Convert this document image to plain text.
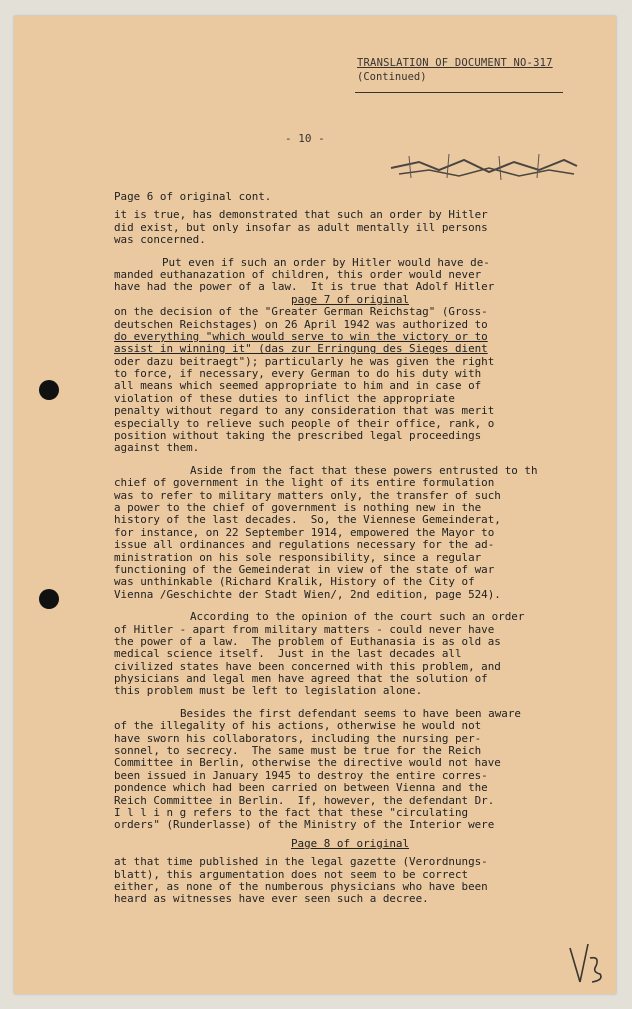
TRANSLATION OF DOCUMENT NO-317
(Continued)
- 10 -
Page 6 of original cont.
it is true, has demonstrated that such an order by Hitler
did exist, but only insofar as adult mentally ill persons
was concerned.
Put even if such an order by Hitler would have de-
manded euthanazation of children, this order would never
have had the power of a law.  It is true that Adolf Hitler
page 7 of original
on the decision of the "Greater German Reichstag" (Gross-
deutschen Reichstages) on 26 April 1942 was authorized to
do everything "which would serve to win the victory or to
assist in winning it" (das zur Erringung des Sieges dient
oder dazu beitraegt"); particularly he was given the right
to force, if necessary, every German to do his duty with
all means which seemed appropriate to him and in case of
violation of these duties to inflict the appropriate
penalty without regard to any consideration that was merit
especially to relieve such people of their office, rank, o
position without taking the prescribed legal proceedings
against them.
Aside from the fact that these powers entrusted to th
chief of government in the light of its entire formulation
was to refer to military matters only, the transfer of such
a power to the chief of government is nothing new in the
history of the last decades.  So, the Viennese Gemeinderat,
for instance, on 22 September 1914, empowered the Mayor to
issue all ordinances and regulations necessary for the ad-
ministration on his sole responsibility, since a regular
functioning of the Gemeinderat in view of the state of war
was unthinkable (Richard Kralik, History of the City of
Vienna /Geschichte der Stadt Wien/, 2nd edition, page 524).
According to the opinion of the court such an order
of Hitler - apart from military matters - could never have
the power of a law.  The problem of Euthanasia is as old as
medical science itself.  Just in the last decades all
civilized states have been concerned with this problem, and
physicians and legal men have agreed that the solution of
this problem must be left to legislation alone.
Besides the first defendant seems to have been aware
of the illegality of his actions, otherwise he would not
have sworn his collaborators, including the nursing per-
sonnel, to secrecy.  The same must be true for the Reich
Committee in Berlin, otherwise the directive would not have
been issued in January 1945 to destroy the entire corres-
pondence which had been carried on between Vienna and the
Reich Committee in Berlin.  If, however, the defendant Dr.
I l l i n g refers to the fact that these "circulating
orders" (Runderlasse) of the Ministry of the Interior were
Page 8 of original
at that time published in the legal gazette (Verordnungs-
blatt), this argumentation does not seem to be correct
either, as none of the numberous physicians who have been
heard as witnesses have ever seen such a decree.
